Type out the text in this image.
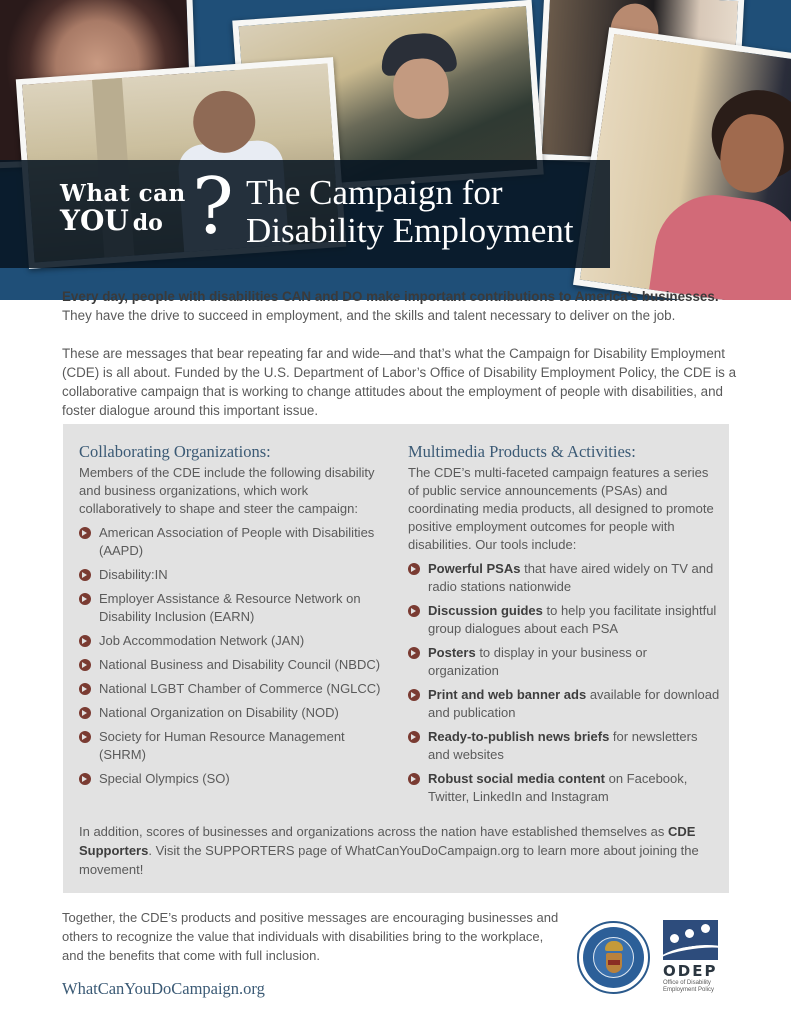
What can
YOU do ? The Campaign for
Disability Employment

Every day, people with disabilities CAN and DO make important contributions to America’s businesses.
They have the drive to succeed in employment, and the skills and talent necessary to deliver on the job.

These are messages that bear repeating far and wide—and that’s what the Campaign for Disability Employment (CDE) is all about. Funded by the U.S. Department of Labor’s Office of Disability Employment Policy, the CDE is a collaborative campaign that is working to change attitudes about the employment of people with disabilities, and foster dialogue around this important issue.

Collaborating Organizations:
Members of the CDE include the following disability and business organizations, which work collaboratively to shape and steer the campaign:
American Association of People with Disabilities (AAPD)
Disability:IN
Employer Assistance & Resource Network on Disability Inclusion (EARN)
Job Accommodation Network (JAN)
National Business and Disability Council (NBDC)
National LGBT Chamber of Commerce (NGLCC)
National Organization on Disability (NOD)
Society for Human Resource Management (SHRM)
Special Olympics (SO)
Multimedia Products & Activities:
The CDE’s multi-faceted campaign features a series of public service announcements (PSAs) and coordinating media products, all designed to promote positive employment outcomes for people with disabilities. Our tools include:
Powerful PSAs that have aired widely on TV and radio stations nationwide
Discussion guides to help you facilitate insightful group dialogues about each PSA
Posters to display in your business or organization
Print and web banner ads available for download and publication
Ready-to-publish news briefs for newsletters and websites
Robust social media content on Facebook, Twitter, LinkedIn and Instagram
In addition, scores of businesses and organizations across the nation have established themselves as CDE Supporters. Visit the SUPPORTERS page of WhatCanYouDoCampaign.org to learn more about joining the movement!
Together, the CDE’s products and positive messages are encouraging businesses and others to recognize the value that individuals with disabilities bring to the workplace, and the benefits that come with full inclusion.
WhatCanYouDoCampaign.org
ODEP
Office of Disability Employment Policy
